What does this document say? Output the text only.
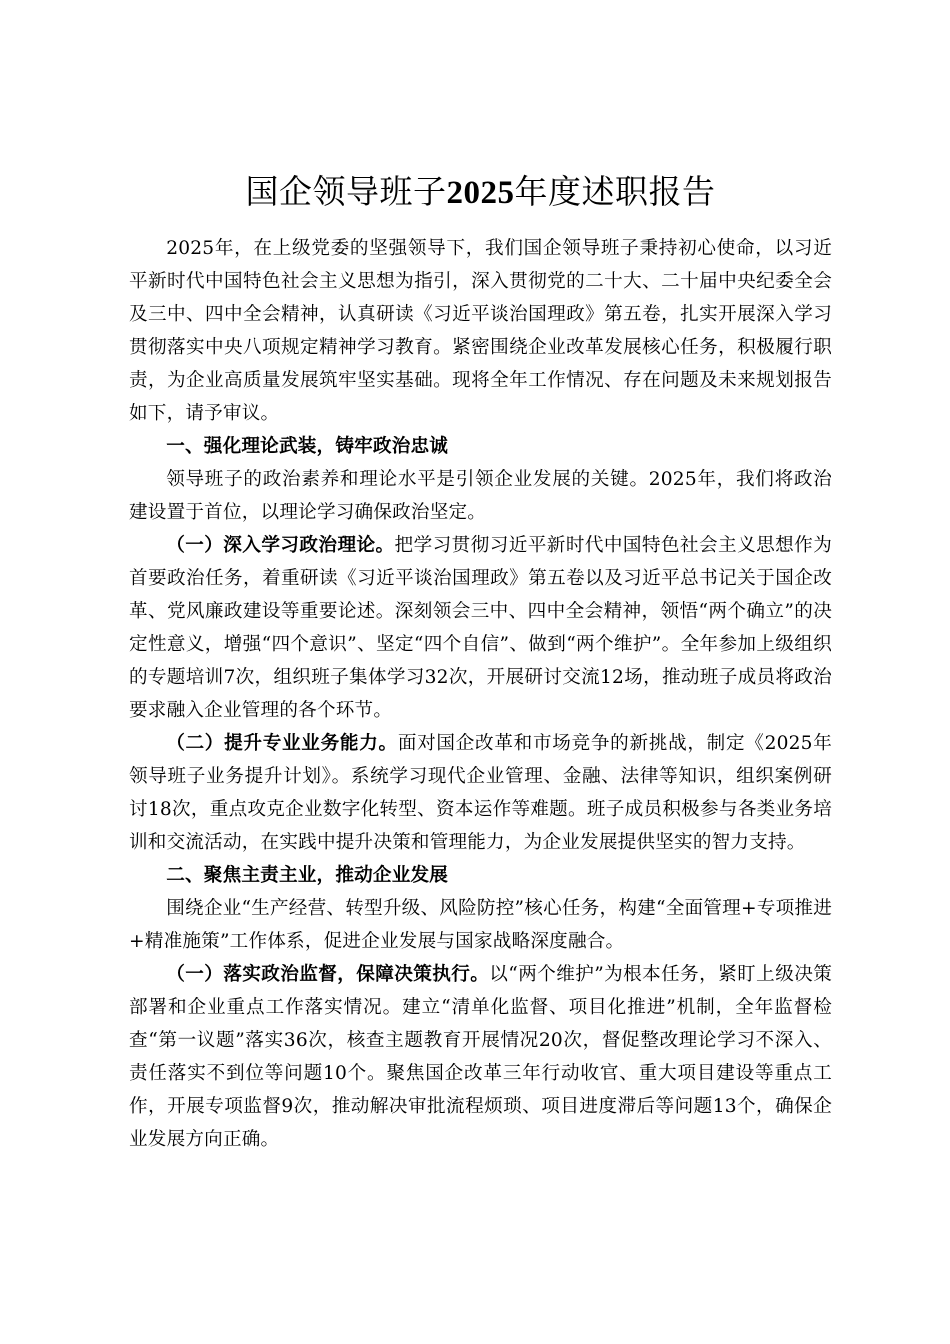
国企领导班子2025年度述职报告

2025年，在上级党委的坚强领导下，我们国企领导班子秉持初心使命，以习近平新时代中国特色社会主义思想为指引，深入贯彻党的二十大、二十届中央纪委全会及三中、四中全会精神，认真研读《习近平谈治国理政》第五卷，扎实开展深入学习贯彻落实中央八项规定精神学习教育。紧密围绕企业改革发展核心任务，积极履行职责，为企业高质量发展筑牢坚实基础。现将全年工作情况、存在问题及未来规划报告如下，请予审议。

一、强化理论武装，铸牢政治忠诚

领导班子的政治素养和理论水平是引领企业发展的关键。2025年，我们将政治建设置于首位，以理论学习确保政治坚定。

（一）深入学习政治理论。把学习贯彻习近平新时代中国特色社会主义思想作为首要政治任务，着重研读《习近平谈治国理政》第五卷以及习近平总书记关于国企改革、党风廉政建设等重要论述。深刻领会三中、四中全会精神，领悟“两个确立”的决定性意义，增强“四个意识”、坚定“四个自信”、做到“两个维护”。全年参加上级组织的专题培训7次，组织班子集体学习32次，开展研讨交流12场，推动班子成员将政治要求融入企业管理的各个环节。

（二）提升专业业务能力。面对国企改革和市场竞争的新挑战，制定《2025年领导班子业务提升计划》。系统学习现代企业管理、金融、法律等知识，组织案例研讨18次，重点攻克企业数字化转型、资本运作等难题。班子成员积极参与各类业务培训和交流活动，在实践中提升决策和管理能力，为企业发展提供坚实的智力支持。

二、聚焦主责主业，推动企业发展

围绕企业“生产经营、转型升级、风险防控”核心任务，构建“全面管理+专项推进+精准施策”工作体系，促进企业发展与国家战略深度融合。

（一）落实政治监督，保障决策执行。以“两个维护”为根本任务，紧盯上级决策部署和企业重点工作落实情况。建立“清单化监督、项目化推进”机制，全年监督检查“第一议题”落实36次，核查主题教育开展情况20次，督促整改理论学习不深入、责任落实不到位等问题10个。聚焦国企改革三年行动收官、重大项目建设等重点工作，开展专项监督9次，推动解决审批流程烦琐、项目进度滞后等问题13个，确保企业发展方向正确。
